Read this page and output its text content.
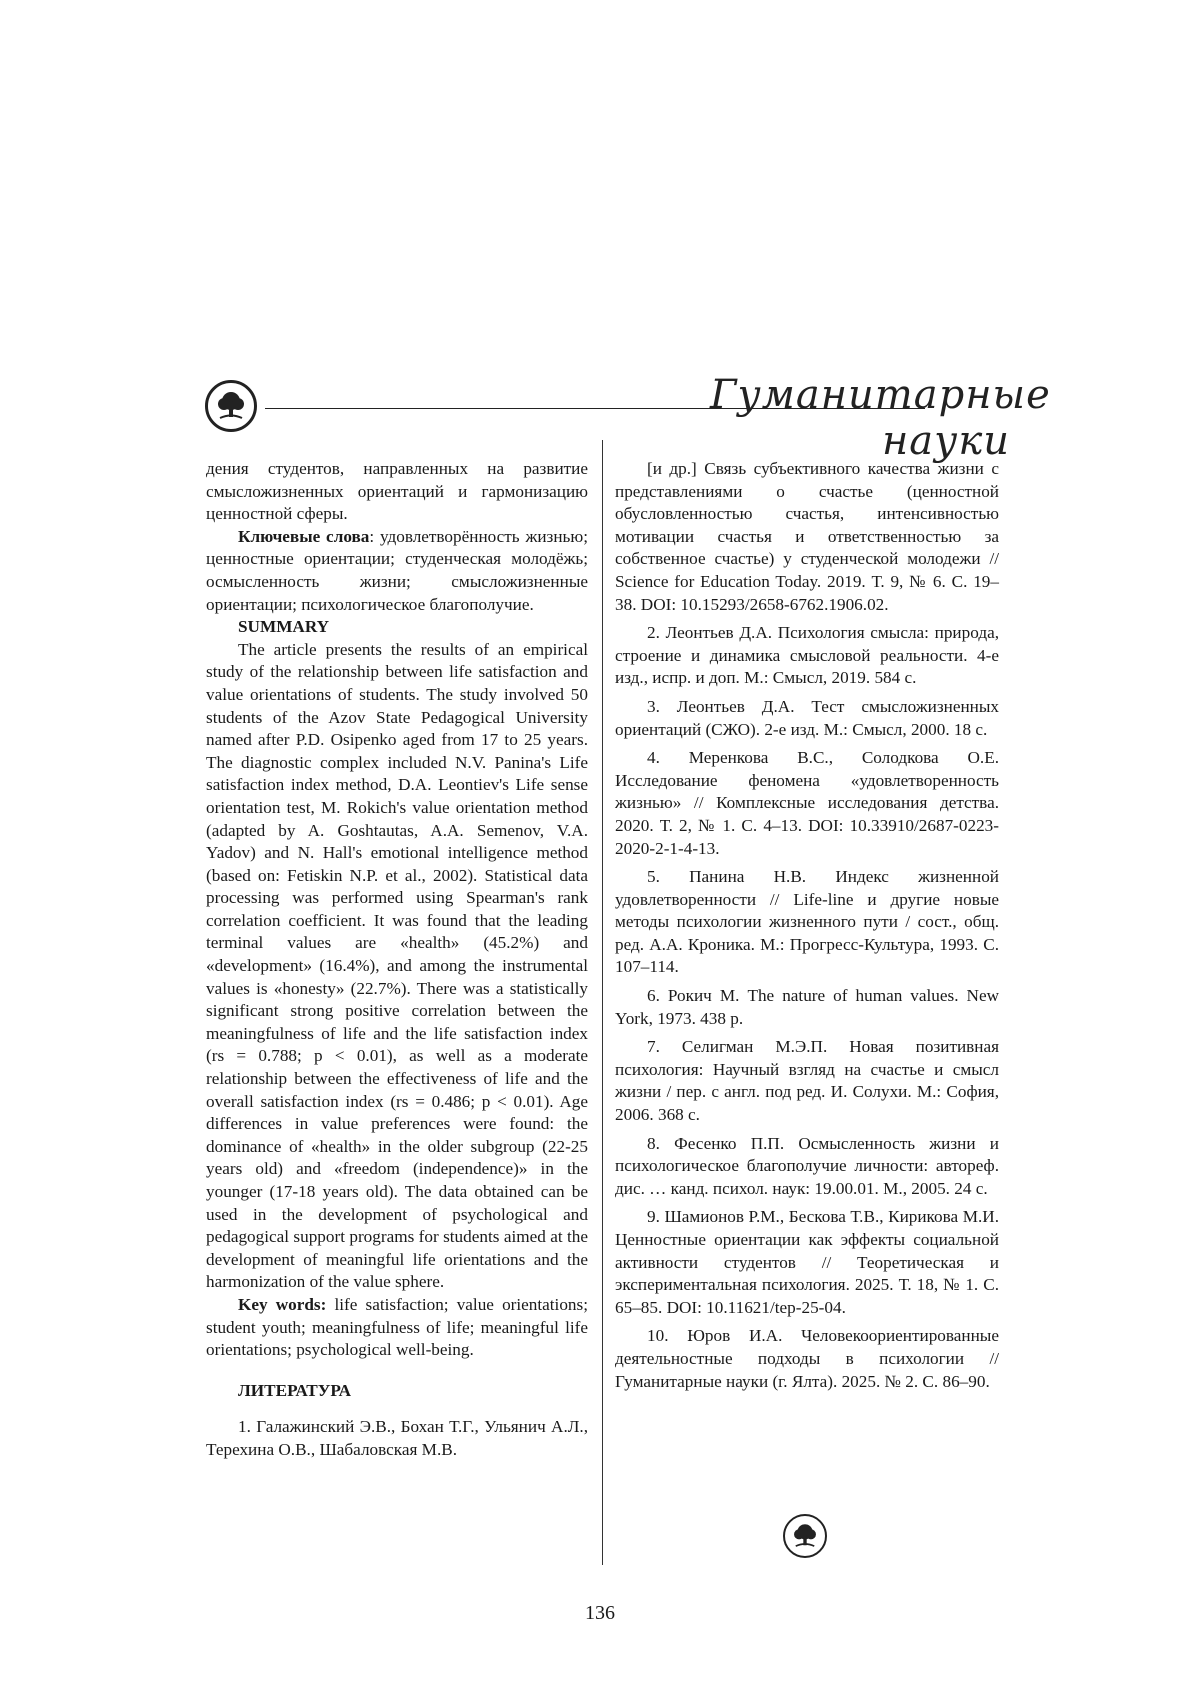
Гуманитарные науки

дения студентов, направленных на развитие смысложизненных ориентаций и гармонизацию ценностной сферы.

Ключевые слова: удовлетворённость жизнью; ценностные ориентации; студенческая молодёжь; осмысленность жизни; смысложизненные ориентации; психологическое благополучие.

SUMMARY

The article presents the results of an empirical study of the relationship between life satisfaction and value orientations of students. The study involved 50 students of the Azov State Pedagogical University named after P.D. Osipenko aged from 17 to 25 years. The diagnostic complex included N.V. Panina's Life satisfaction index method, D.A. Leontiev's Life sense orientation test, M. Rokich's value orientation method (adapted by A. Goshtautas, A.A. Semenov, V.A. Yadov) and N. Hall's emotional intelligence method (based on: Fetiskin N.P. et al., 2002). Statistical data processing was performed using Spearman's rank correlation coefficient. It was found that the leading terminal values are «health» (45.2%) and «development» (16.4%), and among the instrumental values is «honesty» (22.7%). There was a statistically significant strong positive correlation between the meaningfulness of life and the life satisfaction index (rs = 0.788; p < 0.01), as well as a moderate relationship between the effectiveness of life and the overall satisfaction index (rs = 0.486; p < 0.01). Age differences in value preferences were found: the dominance of «health» in the older subgroup (22-25 years old) and «freedom (independence)» in the younger (17-18 years old). The data obtained can be used in the development of psychological and pedagogical support programs for students aimed at the development of meaningful life orientations and the harmonization of the value sphere.

Key words: life satisfaction; value orientations; student youth; meaningfulness of life; meaningful life orientations; psychological well-being.

ЛИТЕРАТУРА

1. Галажинский Э.В., Бохан Т.Г., Ульянич А.Л., Терехина О.В., Шабаловская М.В.

[и др.] Связь субъективного качества жизни с представлениями о счастье (ценностной обусловленностью счастья, интенсивностью мотивации счастья и ответственностью за собственное счастье) у студенческой молодежи // Science for Education Today. 2019. Т. 9, № 6. С. 19–38. DOI: 10.15293/2658-6762.1906.02.

2. Леонтьев Д.А. Психология смысла: природа, строение и динамика смысловой реальности. 4-е изд., испр. и доп. М.: Смысл, 2019. 584 с.

3. Леонтьев Д.А. Тест смысложизненных ориентаций (СЖО). 2-е изд. М.: Смысл, 2000. 18 с.

4. Меренкова В.С., Солодкова О.Е. Исследование феномена «удовлетворенность жизнью» // Комплексные исследования детства. 2020. Т. 2, № 1. С. 4–13. DOI: 10.33910/2687-0223-2020-2-1-4-13.

5. Панина Н.В. Индекс жизненной удовлетворенности // Life-line и другие новые методы психологии жизненного пути / сост., общ. ред. А.А. Кроника. М.: Прогресс-Культура, 1993. С. 107–114.

6. Рокич М. The nature of human values. New York, 1973. 438 p.

7. Селигман М.Э.П. Новая позитивная психология: Научный взгляд на счастье и смысл жизни / пер. с англ. под ред. И. Солухи. М.: София, 2006. 368 с.

8. Фесенко П.П. Осмысленность жизни и психологическое благополучие личности: автореф. дис. … канд. психол. наук: 19.00.01. М., 2005. 24 с.

9. Шамионов Р.М., Бескова Т.В., Кирикова М.И. Ценностные ориентации как эффекты социальной активности студентов // Теоретическая и экспериментальная психология. 2025. Т. 18, № 1. С. 65–85. DOI: 10.11621/tep-25-04.

10. Юров И.А. Человекоориентированные деятельностные подходы в психологии // Гуманитарные науки (г. Ялта). 2025. № 2. С. 86–90.

136
